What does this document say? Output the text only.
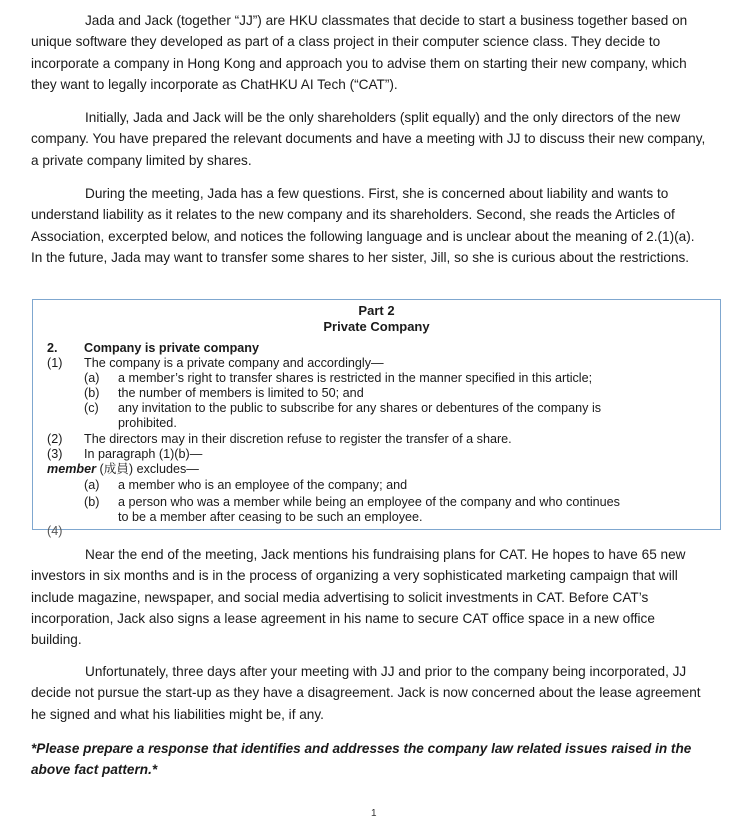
Jada and Jack (together “JJ”) are HKU classmates that decide to start a business together based on unique software they developed as part of a class project in their computer science class. They decide to incorporate a company in Hong Kong and approach you to advise them on starting their new company, which they want to legally incorporate as ChatHKU AI Tech (“CAT”).

Initially, Jada and Jack will be the only shareholders (split equally) and the only directors of the new company. You have prepared the relevant documents and have a meeting with JJ to discuss their new company, a private company limited by shares.

During the meeting, Jada has a few questions. First, she is concerned about liability and wants to understand liability as it relates to the new company and its shareholders. Second, she reads the Articles of Association, excerpted below, and notices the following language and is unclear about the meaning of 2.(1)(a). In the future, Jada may want to transfer some shares to her sister, Jill, so she is curious about the restrictions.

Part 2
Private Company
2. Company is private company
(1) The company is a private company and accordingly—
(a) a member’s right to transfer shares is restricted in the manner specified in this article;
(b) the number of members is limited to 50; and
(c) any invitation to the public to subscribe for any shares or debentures of the company is
prohibited.
(2) The directors may in their discretion refuse to register the transfer of a share.
(3) In paragraph (1)(b)—
member (成員) excludes—
(a) a member who is an employee of the company; and
(b) a person who was a member while being an employee of the company and who continues
to be a member after ceasing to be such an employee.
(4)

Near the end of the meeting, Jack mentions his fundraising plans for CAT. He hopes to have 65 new investors in six months and is in the process of organizing a very sophisticated marketing campaign that will include magazine, newspaper, and social media advertising to solicit investments in CAT. Before CAT’s incorporation, Jack also signs a lease agreement in his name to secure CAT office space in a new office building.

Unfortunately, three days after your meeting with JJ and prior to the company being incorporated, JJ decide not pursue the start-up as they have a disagreement. Jack is now concerned about the lease agreement he signed and what his liabilities might be, if any.

*Please prepare a response that identifies and addresses the company law related issues raised in the above fact pattern.*

1
